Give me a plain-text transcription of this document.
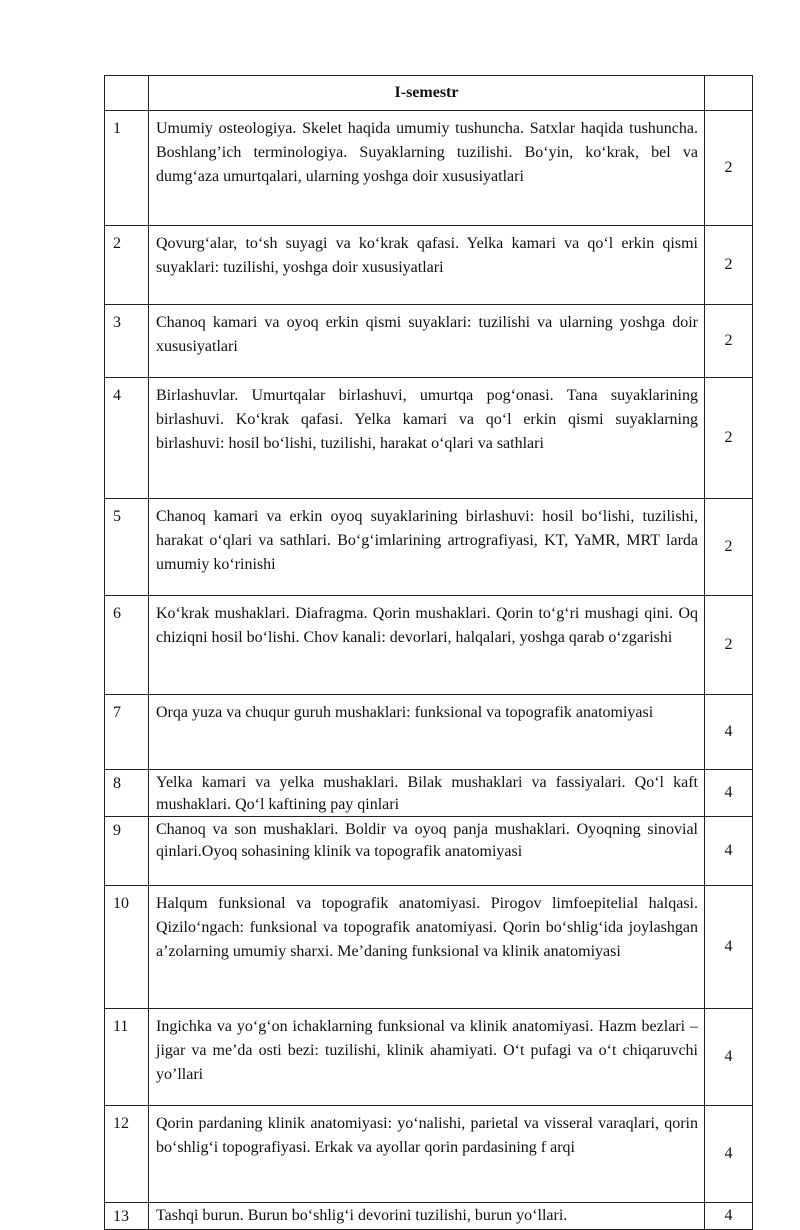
	I-semestr	
1	Umumiy osteologiya. Skelet haqida umumiy tushuncha. Satxlar haqida tushuncha. Boshlang’ich terminologiya. Suyaklarning tuzilishi. Bo‘yin, ko‘krak, bel va dumg‘aza umurtqalari, ularning yoshga doir xususiyatlari	2
2	Qovurg‘alar, to‘sh suyagi va ko‘krak qafasi. Yelka kamari va qo‘l erkin qismi suyaklari: tuzilishi, yoshga doir xususiyatlari	2
3	Chanoq kamari va oyoq erkin qismi suyaklari: tuzilishi va ularning yoshga doir xususiyatlari	2
4	Birlashuvlar. Umurtqalar birlashuvi, umurtqa pog‘onasi. Tana suyaklarining birlashuvi. Ko‘krak qafasi. Yelka kamari va qo‘l erkin qismi suyaklarning birlashuvi: hosil bo‘lishi, tuzilishi, harakat o‘qlari va sathlari	2
5	Chanoq kamari va erkin oyoq suyaklarining birlashuvi: hosil bo‘lishi, tuzilishi, harakat o‘qlari va sathlari. Bo‘g‘imlarining artrografiyasi, KT, YaMR, MRT larda umumiy ko‘rinishi	2
6	Ko‘krak mushaklari. Diafragma. Qorin mushaklari. Qorin to‘g‘ri mushagi qini. Oq chiziqni hosil bo‘lishi. Chov kanali: devorlari, halqalari, yoshga qarab o‘zgarishi	2
7	Orqa yuza va chuqur guruh mushaklari: funksional va topografik anatomiyasi	4
8	Yelka kamari va yelka mushaklari. Bilak mushaklari va fassiyalari. Qo‘l kaft mushaklari. Qo‘l kaftining pay qinlari	4
9	Chanoq va son mushaklari. Boldir va oyoq panja mushaklari. Oyoqning sinovial qinlari.Oyoq sohasining klinik va topografik anatomiyasi	4
10	Halqum funksional va topografik anatomiyasi. Pirogov limfoepitelial halqasi. Qizilo‘ngach: funksional va topografik anatomiyasi. Qorin bo‘shlig‘ida joylashgan a’zolarning umumiy sharxi. Me’daning funksional va klinik anatomiyasi	4
11	Ingichka va yo‘g‘on ichaklarning funksional va klinik anatomiyasi. Hazm bezlari – jigar va me’da osti bezi: tuzilishi, klinik ahamiyati. O‘t pufagi va o‘t chiqaruvchi yo’llari	4
12	Qorin pardaning klinik anatomiyasi: yo‘nalishi, parietal va visseral varaqlari, qorin bo‘shlig‘i topografiyasi. Erkak va ayollar qorin pardasining f arqi	4
13	Tashqi burun. Burun bo‘shlig‘i devorini tuzilishi, burun yo‘llari.	4
